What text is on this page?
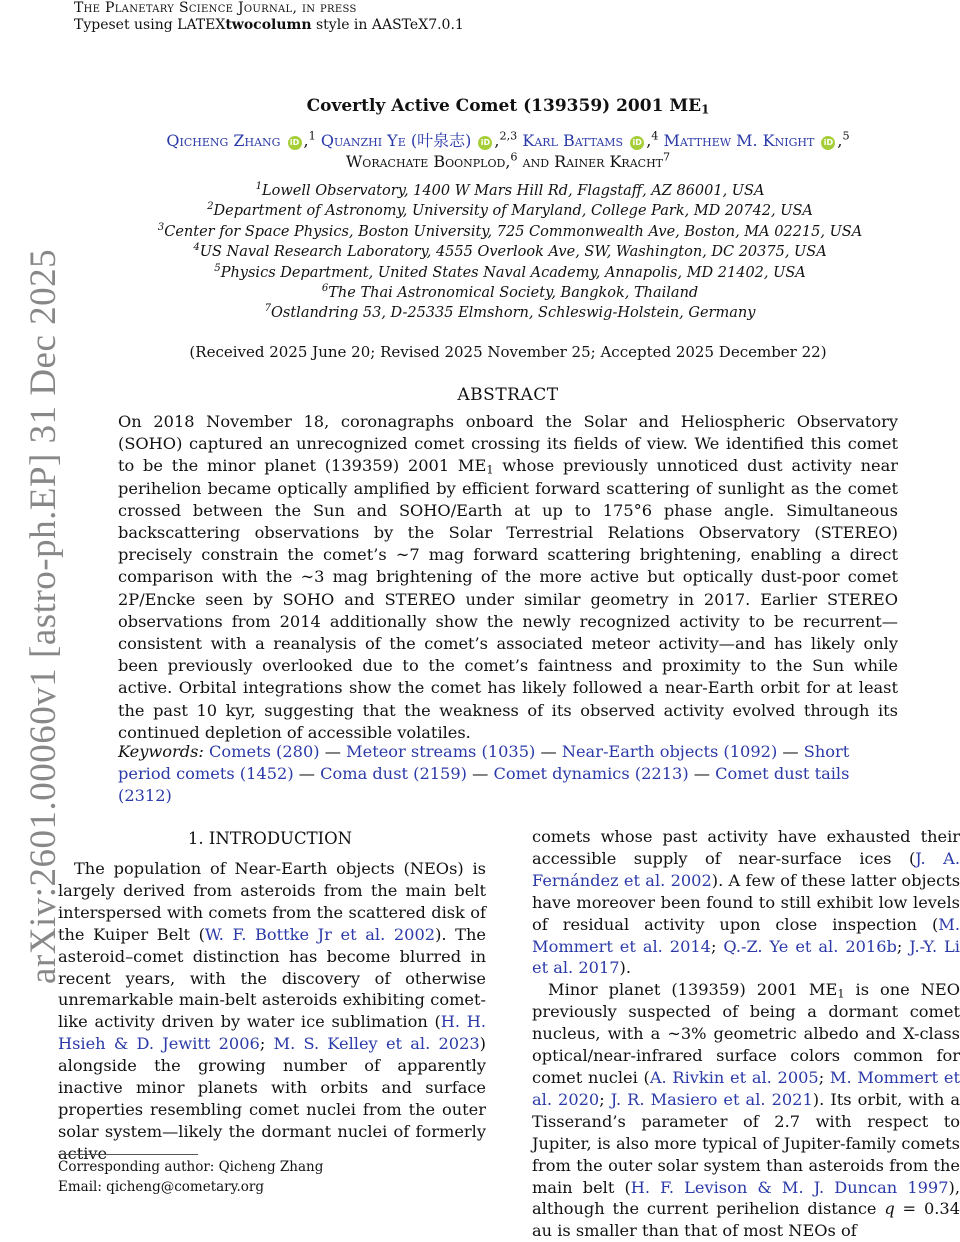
The Planetary Science Journal, in press
Typeset using LATEXtwocolumn style in AASTeX7.0.1
arXiv:2601.00060v1 [astro-ph.EP] 31 Dec 2025
Covertly Active Comet (139359) 2001 $ME_1$
Qicheng Zhang iD ,$^1$ Quanzhi Ye (叶泉志) iD ,$^{2,3}$ Karl Battams iD ,$^4$ Matthew M. Knight iD ,$^5$
Worachate Boonplod,$^6$ and Rainer Kracht$^7$
$^1$Lowell Observatory, 1400 W Mars Hill Rd, Flagstaff, AZ 86001, USA
$^2$Department of Astronomy, University of Maryland, College Park, MD 20742, USA
$^3$Center for Space Physics, Boston University, 725 Commonwealth Ave, Boston, MA 02215, USA
$^4$US Naval Research Laboratory, 4555 Overlook Ave, SW, Washington, DC 20375, USA
$^5$Physics Department, United States Naval Academy, Annapolis, MD 21402, USA
$^6$The Thai Astronomical Society, Bangkok, Thailand
$^7$Ostlandring 53, D-25335 Elmshorn, Schleswig-Holstein, Germany
(Received 2025 June 20; Revised 2025 November 25; Accepted 2025 December 22)
ABSTRACT
On 2018 November 18, coronagraphs onboard the Solar and Heliospheric Observatory (SOHO) captured an unrecognized comet crossing its fields of view. We identified this comet to be the minor planet (139359) 2001 $ME_1$ whose previously unnoticed dust activity near perihelion became optically amplified by efficient forward scattering of sunlight as the comet crossed between the Sun and SOHO/Earth at up to 175°6 phase angle. Simultaneous backscattering observations by the Solar Terrestrial Relations Observatory (STEREO) precisely constrain the comet’s ∼7 mag forward scattering brightening, enabling a direct comparison with the ∼3 mag brightening of the more active but optically dust-poor comet 2P/Encke seen by SOHO and STEREO under similar geometry in 2017. Earlier STEREO observations from 2014 additionally show the newly recognized activity to be recurrent—consistent with a reanalysis of the comet’s associated meteor activity—and has likely only been previously overlooked due to the comet’s faintness and proximity to the Sun while active. Orbital integrations show the comet has likely followed a near-Earth orbit for at least the past 10 kyr, suggesting that the weakness of its observed activity evolved through its continued depletion of accessible volatiles.
Keywords: Comets (280) — Meteor streams (1035) — Near-Earth objects (1092) — Short period comets (1452) — Coma dust (2159) — Comet dynamics (2213) — Comet dust tails (2312)
1. INTRODUCTION

The population of Near-Earth objects (NEOs) is largely derived from asteroids from the main belt interspersed with comets from the scattered disk of the Kuiper Belt (W. F. Bottke Jr et al. 2002). The asteroid–comet distinction has become blurred in recent years, with the discovery of otherwise unremarkable main-belt asteroids exhibiting comet-like activity driven by water ice sublimation (H. H. Hsieh & D. Jewitt 2006; M. S. Kelley et al. 2023) alongside the growing number of apparently inactive minor planets with orbits and surface properties resembling comet nuclei from the outer solar system—likely the dormant nuclei of formerly active

comets whose past activity have exhausted their accessible supply of near-surface ices (J. A. Fernández et al. 2002). A few of these latter objects have moreover been found to still exhibit low levels of residual activity upon close inspection (M. Mommert et al. 2014; Q.-Z. Ye et al. 2016b; J.-Y. Li et al. 2017).

Minor planet (139359) 2001 $ME_1$ is one NEO previously suspected of being a dormant comet nucleus, with a ∼3% geometric albedo and X-class optical/near-infrared surface colors common for comet nuclei (A. Rivkin et al. 2005; M. Mommert et al. 2020; J. R. Masiero et al. 2021). Its orbit, with a Tisserand’s parameter of 2.7 with respect to Jupiter, is also more typical of Jupiter-family comets from the outer solar system than asteroids from the main belt (H. F. Levison & M. J. Duncan 1997), although the current perihelion distance q = 0.34 au is smaller than that of most NEOs of

Corresponding author: Qicheng Zhang
Email: qicheng@cometary.org
